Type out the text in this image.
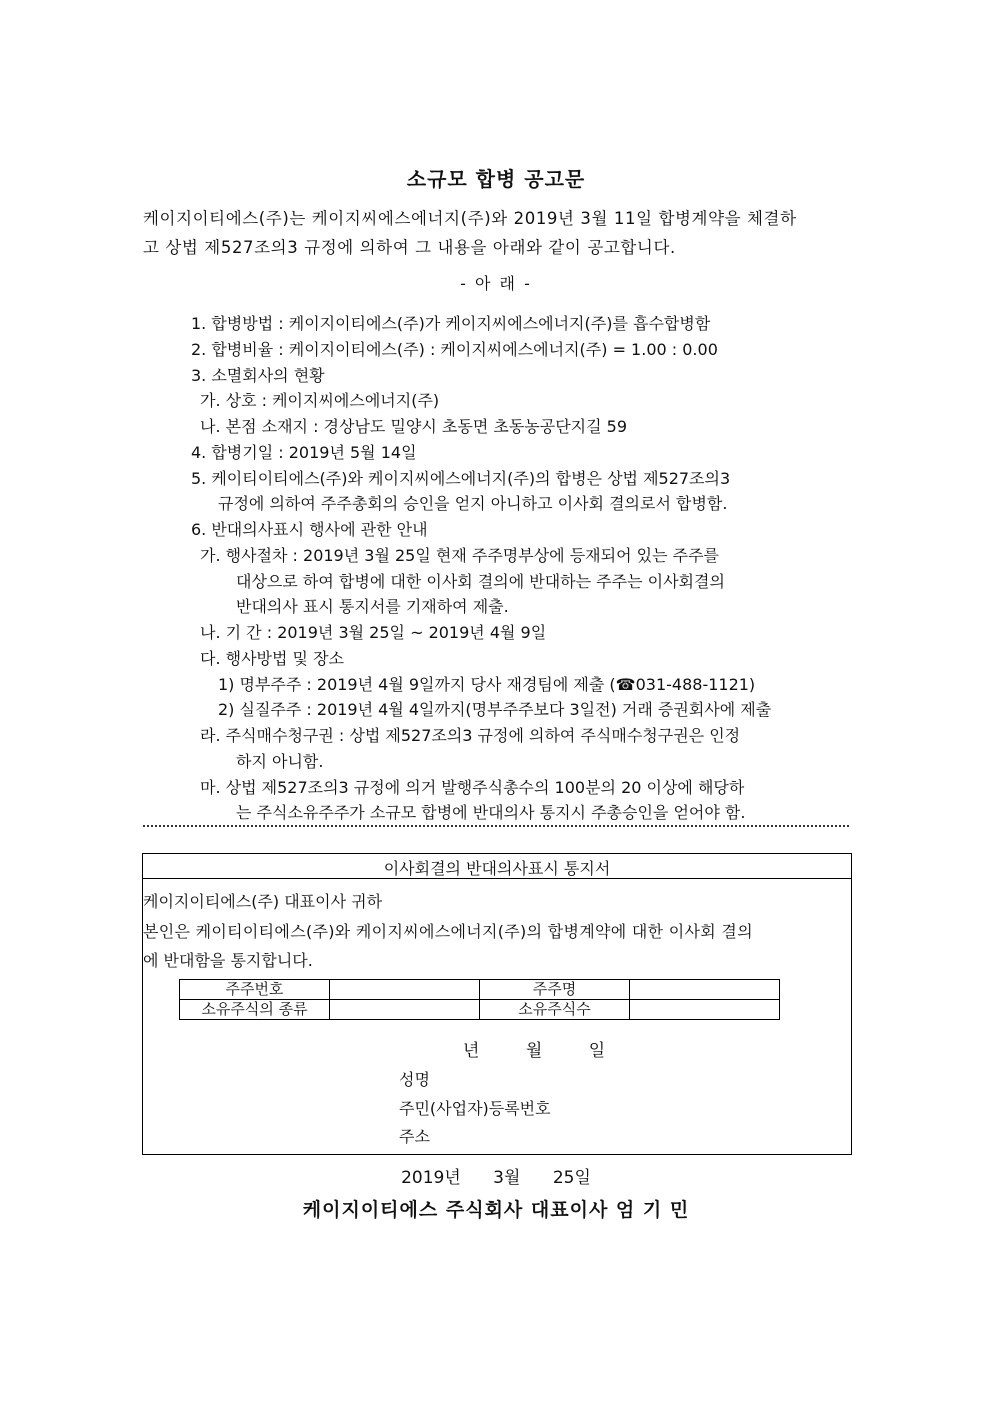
소규모 합병 공고문
케이지이티에스(주)는 케이지씨에스에너지(주)와 2019년 3월 11일 합병계약을 체결하
고 상법 제527조의3 규정에 의하여 그 내용을 아래와 같이 공고합니다.
- 아 래 -
1. 합병방법 : 케이지이티에스(주)가 케이지씨에스에너지(주)를 흡수합병함
2. 합병비율 : 케이지이티에스(주) : 케이지씨에스에너지(주) = 1.00 : 0.00
3. 소멸회사의 현황
가. 상호 : 케이지씨에스에너지(주)
나. 본점 소재지 : 경상남도 밀양시 초동면 초동농공단지길 59
4. 합병기일 : 2019년 5월 14일
5. 케이티이티에스(주)와 케이지씨에스에너지(주)의 합병은 상법 제527조의3
규정에 의하여 주주총회의 승인을 얻지 아니하고 이사회 결의로서 합병함.
6. 반대의사표시 행사에 관한 안내
가. 행사절차 : 2019년 3월 25일 현재 주주명부상에 등재되어 있는 주주를
대상으로 하여 합병에 대한 이사회 결의에 반대하는 주주는 이사회결의
반대의사 표시 통지서를 기재하여 제출.
나. 기 간 : 2019년 3월 25일 ~ 2019년 4월 9일
다. 행사방법 및 장소
1) 명부주주 : 2019년 4월 9일까지 당사 재경팀에 제출 (☎031-488-1121)
2) 실질주주 : 2019년 4월 4일까지(명부주주보다 3일전) 거래 증권회사에 제출
라. 주식매수청구권 : 상법 제527조의3 규정에 의하여 주식매수청구권은 인정
하지 아니함.
마. 상법 제527조의3 규정에 의거 발행주식총수의 100분의 20 이상에 해당하
는 주식소유주주가 소규모 합병에 반대의사 통지시 주총승인을 얻어야 함.
이사회결의 반대의사표시 통지서
케이지이티에스(주) 대표이사 귀하
본인은 케이티이티에스(주)와 케이지씨에스에너지(주)의 합병계약에 대한 이사회 결의
에 반대함을 통지합니다.
주주번호		주주명	
소유주식의 종류		소유주식수	
년      월      일
성명
주민(사업자)등록번호
주소
2019년      3월      25일
케이지이티에스 주식회사 대표이사 엄 기 민
